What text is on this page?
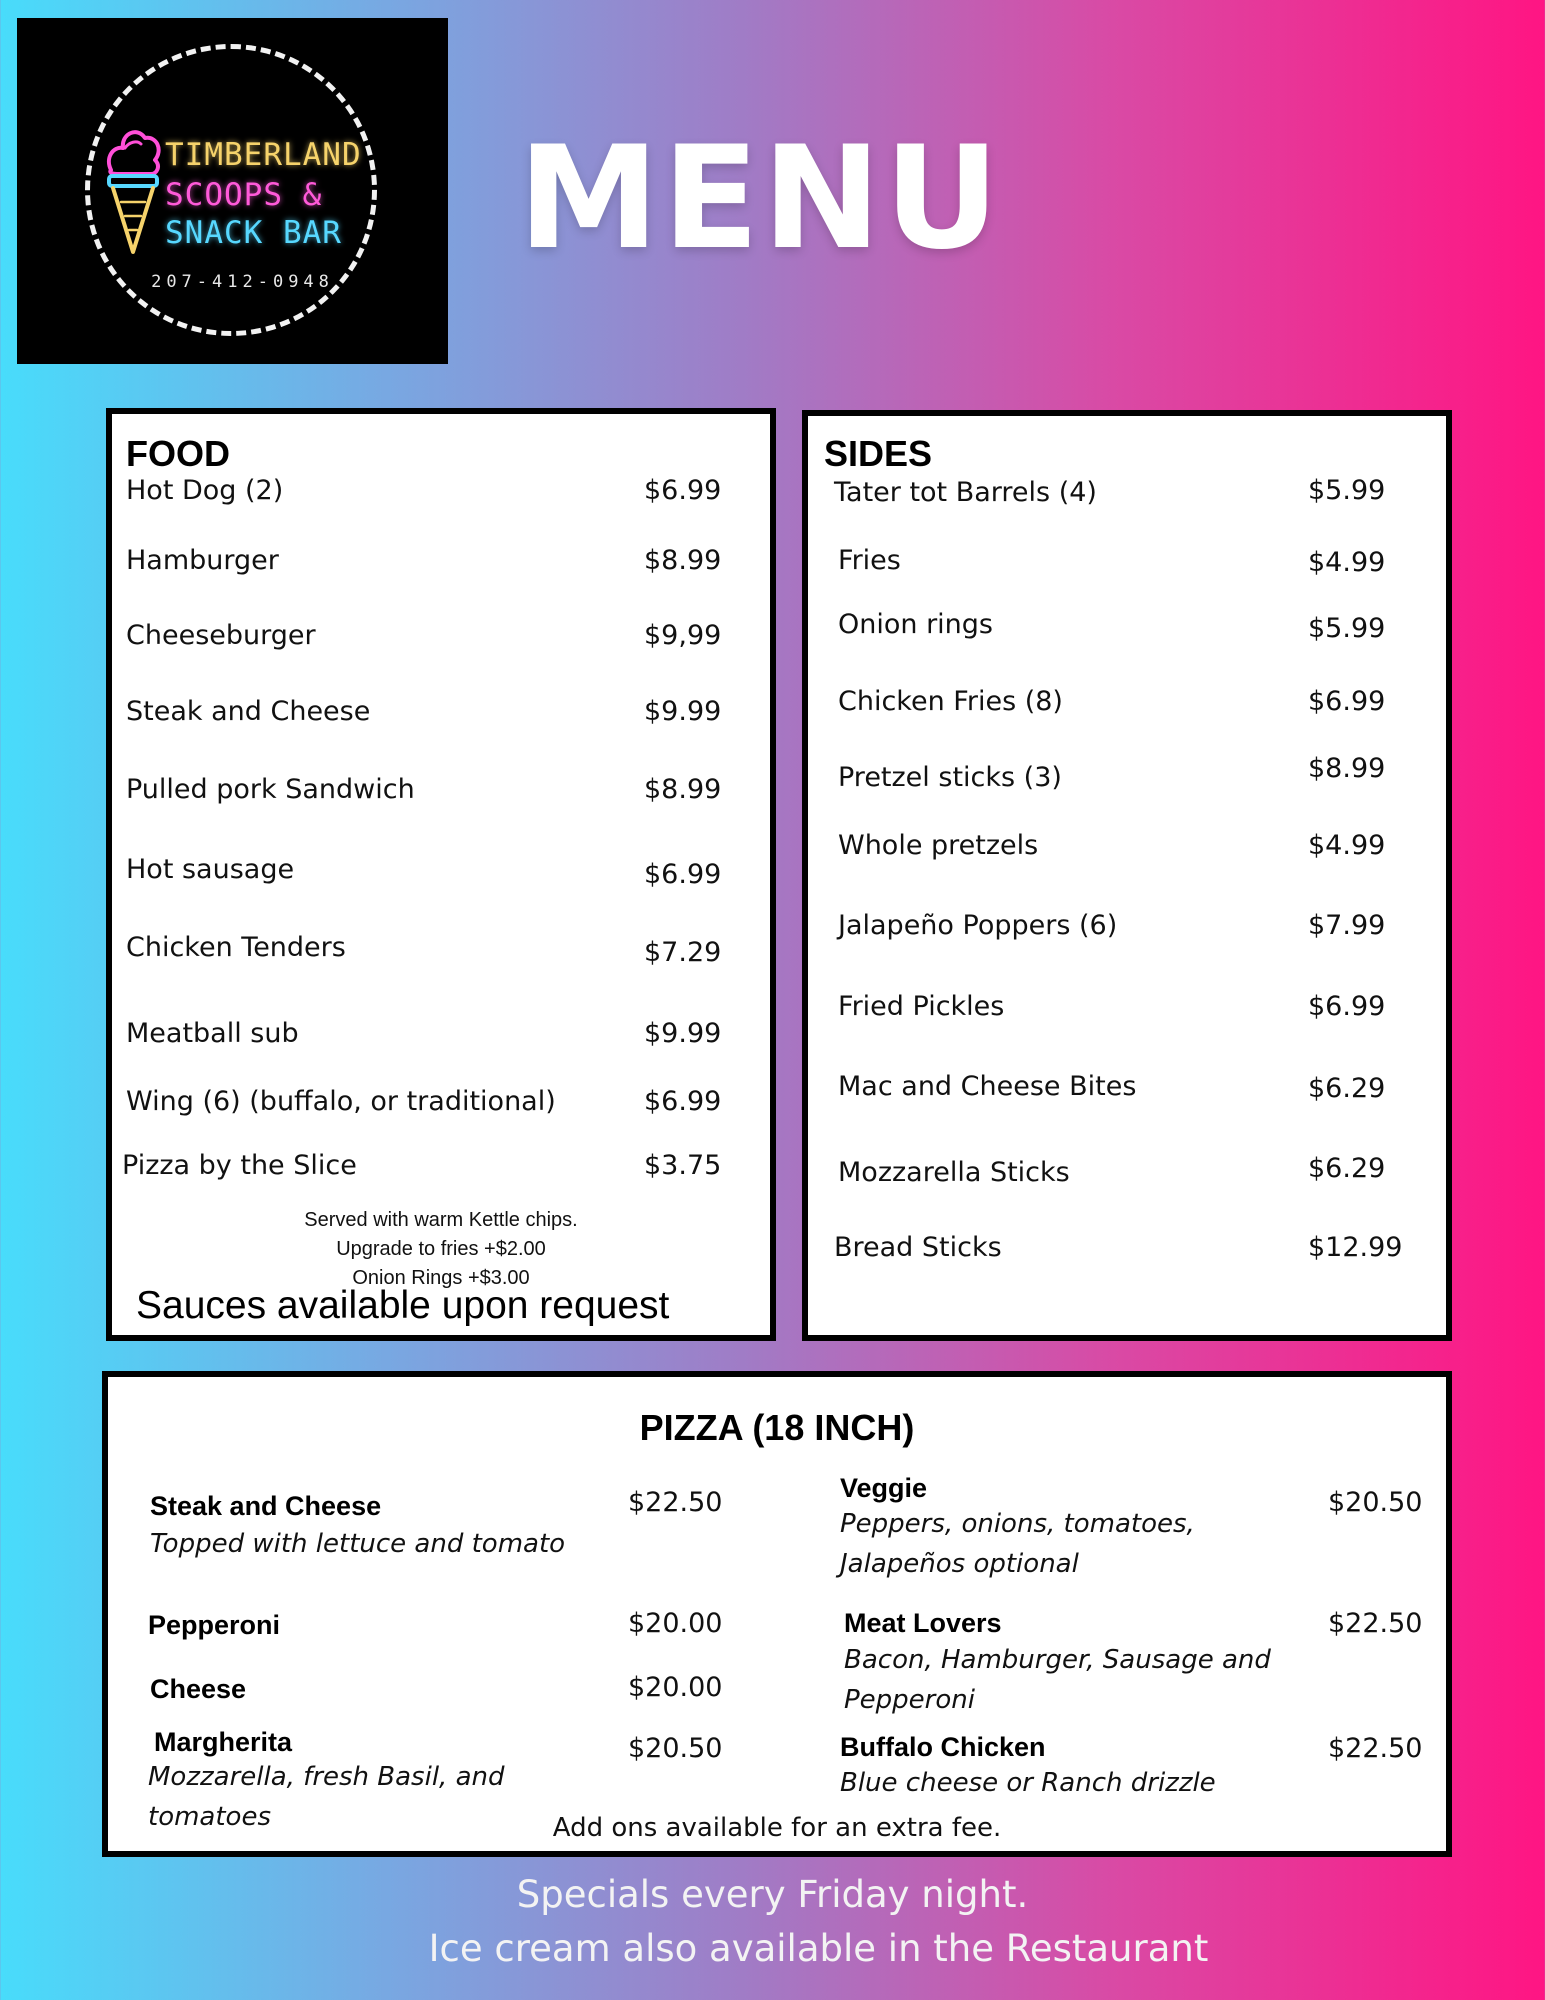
TIMBERLAND
SCOOPS &
SNACK BAR
207-412-0948
MENU
FOOD
Hot Dog (2)	$6.99
Hamburger	$8.99
Cheeseburger	$9,99
Steak and Cheese	$9.99
Pulled pork Sandwich	$8.99
Hot sausage	$6.99
Chicken Tenders	$7.29
Meatball sub	$9.99
Wing (6) (buffalo, or traditional)	$6.99
Pizza by the Slice	$3.75
Served with warm Kettle chips.
Upgrade to fries +$2.00
Onion Rings +$3.00
Sauces available upon request
SIDES
Tater tot Barrels (4)	$5.99
Fries	$4.99
Onion rings	$5.99
Chicken Fries (8)	$6.99
Pretzel sticks (3)	$8.99
Whole pretzels	$4.99
Jalapeño Poppers (6)	$7.99
Fried Pickles	$6.99
Mac and Cheese Bites	$6.29
Mozzarella Sticks	$6.29
Bread Sticks	$12.99
PIZZA (18 INCH)
Steak and Cheese
Topped with lettuce and tomato
$22.50
Pepperoni	$20.00
Cheese	$20.00
Margherita
Mozzarella, fresh Basil, and
tomatoes
$20.50
Veggie
Peppers, onions, tomatoes,
Jalapeños optional
$20.50
Meat Lovers
Bacon, Hamburger, Sausage and
Pepperoni
$22.50
Buffalo Chicken
Blue cheese or Ranch drizzle
$22.50
Add ons available for an extra fee.
Specials every Friday night.
Ice cream also available in the Restaurant
